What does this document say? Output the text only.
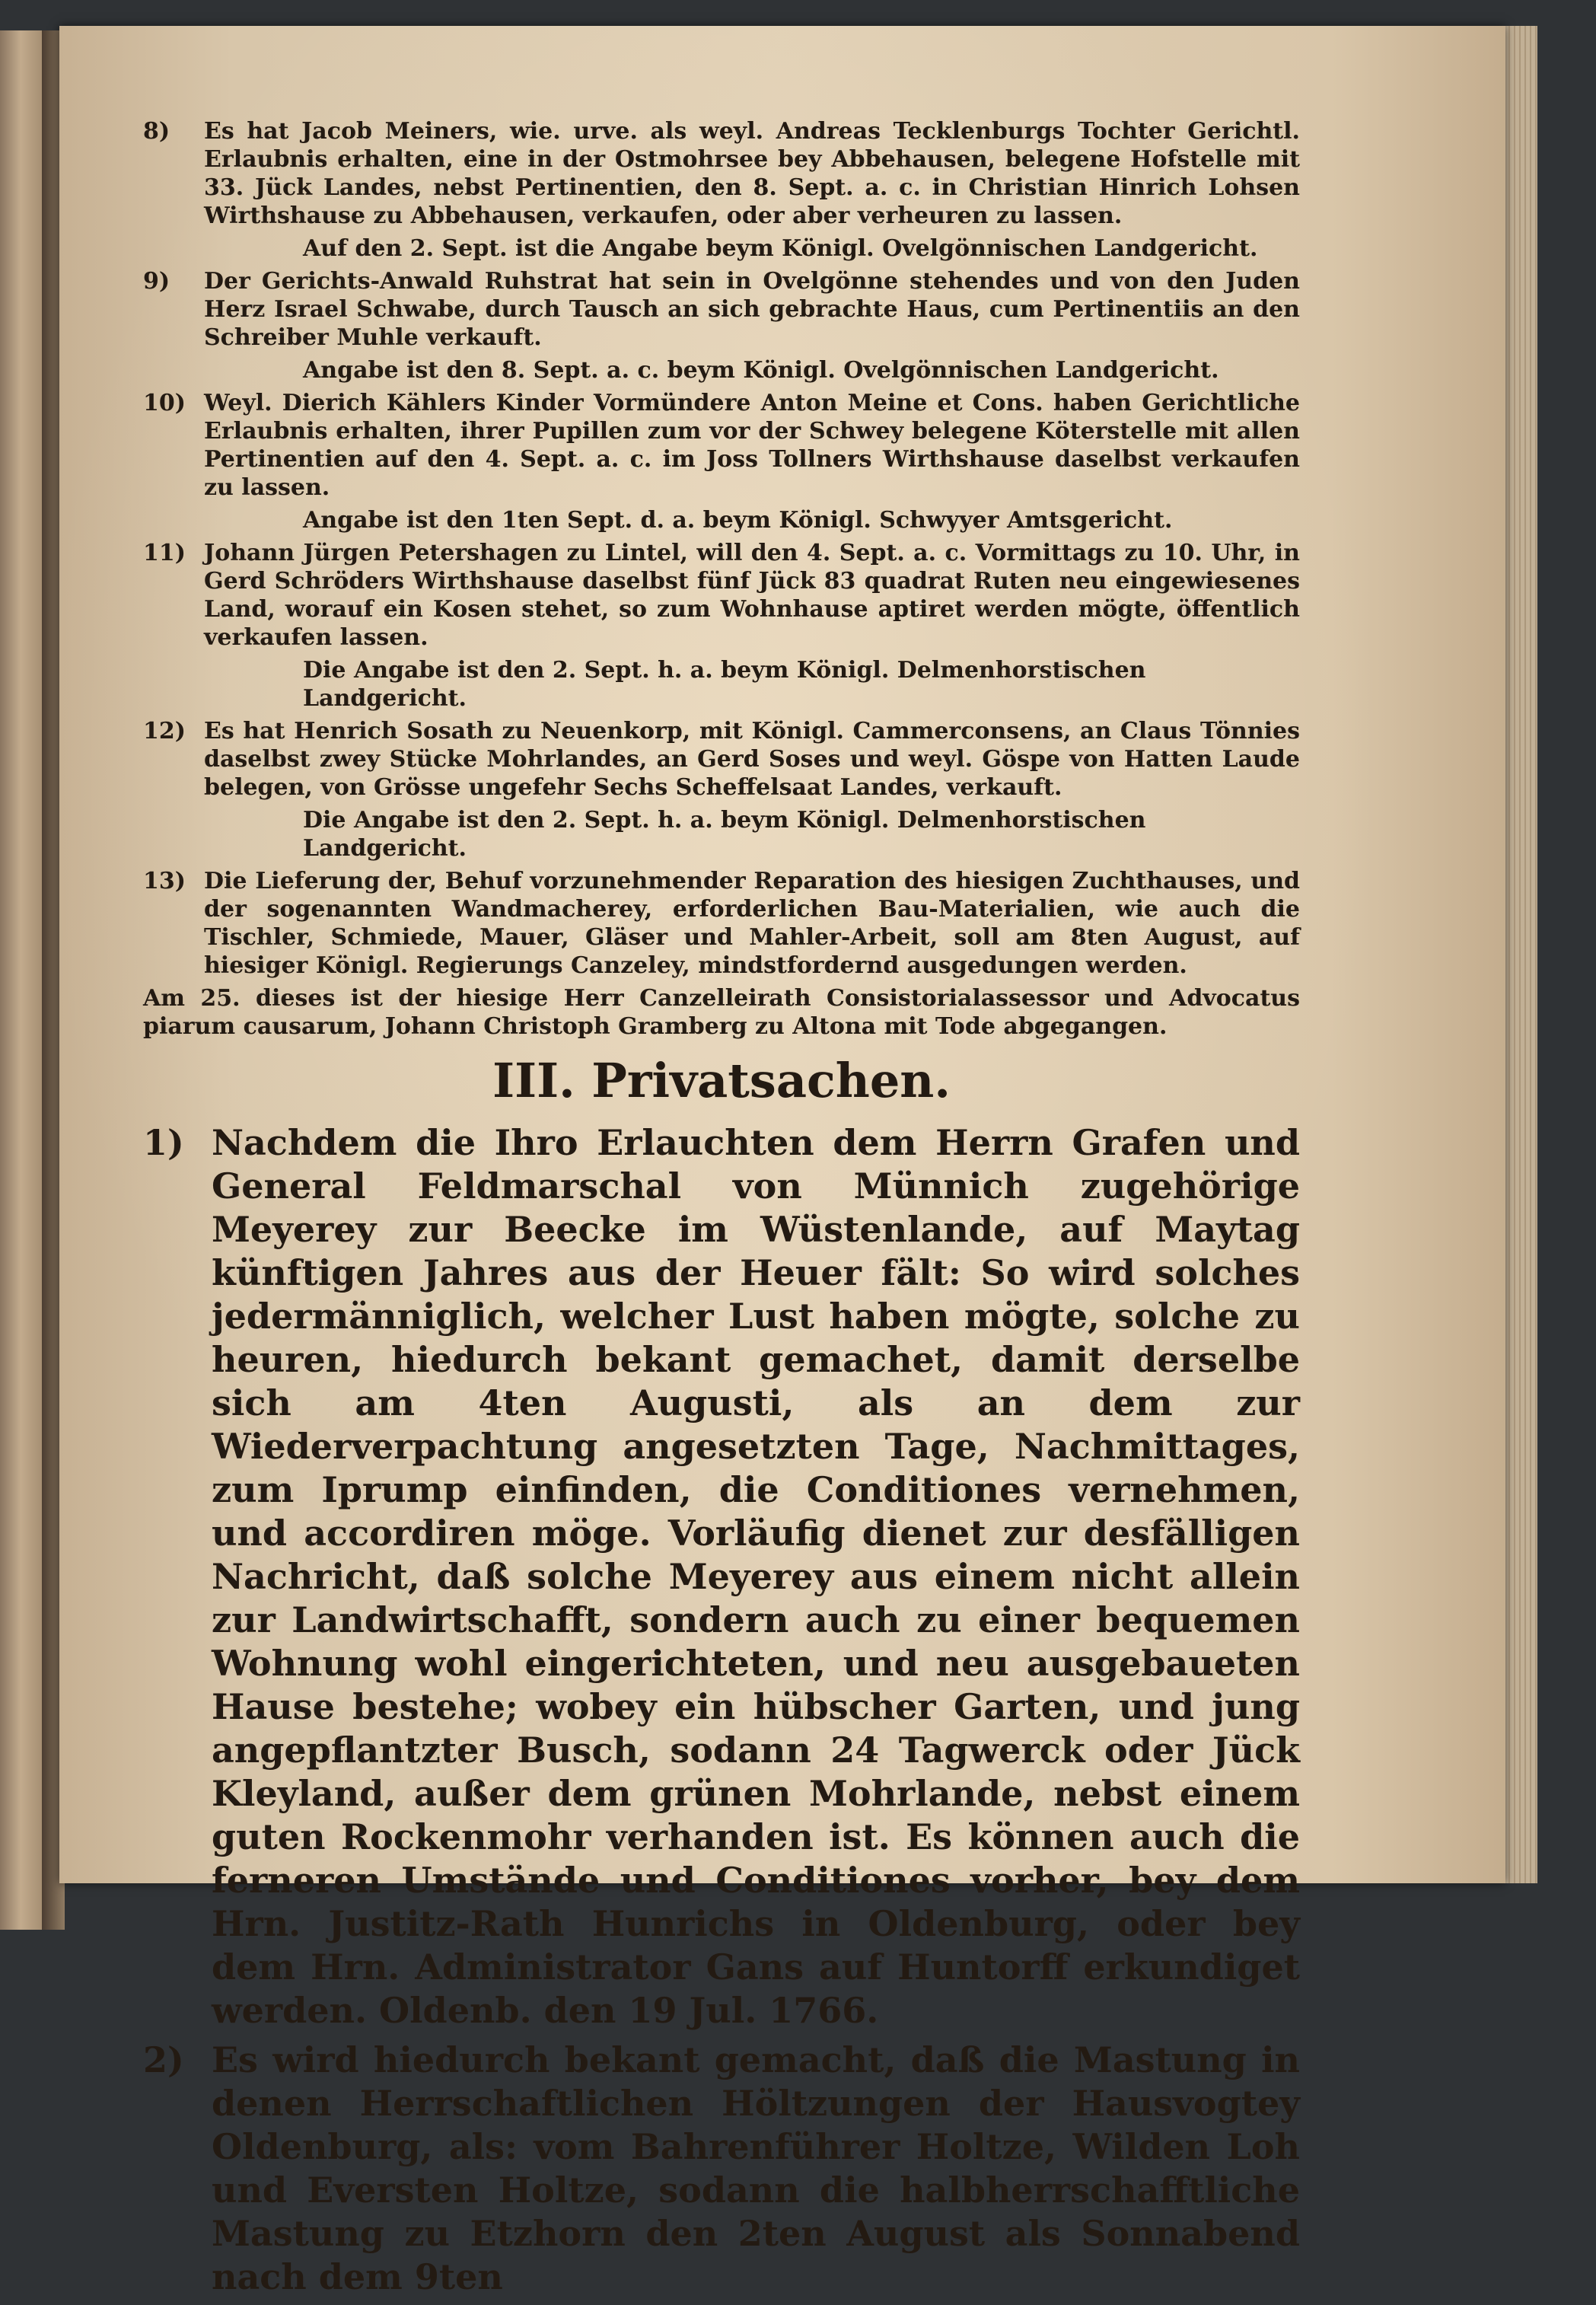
8)	Es hat Jacob Meiners, wie. urve. als weyl. Andreas Tecklenburgs Tochter Gerichtl. Erlaubnis erhalten, eine in der Ostmohrsee bey Abbehausen, belegene Hofstelle mit 33. Jück Landes, nebst Pertinentien, den 8. Sept. a. c. in Christian Hinrich Lohsen Wirthshause zu Abbehausen, verkaufen, oder aber verheuren zu lassen.
Auf den 2. Sept. ist die Angabe beym Königl. Ovelgönnischen Landgericht.
9)	Der Gerichts-Anwald Ruhstrat hat sein in Ovelgönne stehendes und von den Juden Herz Israel Schwabe, durch Tausch an sich gebrachte Haus, cum Pertinentiis an den Schreiber Muhle verkauft.
Angabe ist den 8. Sept. a. c. beym Königl. Ovelgönnischen Landgericht.
10) Weyl. Dierich Kählers Kinder Vormündere Anton Meine et Cons. haben Gerichtliche Erlaubnis erhalten, ihrer Pupillen zum vor der Schwey belegene Köterstelle mit allen Pertinentien auf den 4. Sept. a. c. im Joss Tollners Wirthshause daselbst verkaufen zu lassen.
Angabe ist den 1ten Sept. d. a. beym Königl. Schwyyer Amtsgericht.
11) Johann Jürgen Petershagen zu Lintel, will den 4. Sept. a. c. Vormittags zu 10. Uhr, in Gerd Schröders Wirthshause daselbst fünf Jück 83 quadrat Ruten neu eingewiesenes Land, worauf ein Kosen stehet, so zum Wohnhause aptiret werden mögte, öffentlich verkaufen lassen.
Die Angabe ist den 2. Sept. h. a. beym Königl. Delmenhorstischen Landgericht.
12) Es hat Henrich Sosath zu Neuenkorp, mit Königl. Cammerconsens, an Claus Tönnies daselbst zwey Stücke Mohrlandes, an Gerd Soses und weyl. Göspe von Hatten Laude belegen, von Grösse ungefehr Sechs Scheffelsaat Landes, verkauft.
Die Angabe ist den 2. Sept. h. a. beym Königl. Delmenhorstischen Landgericht.
13) Die Lieferung der, Behuf vorzunehmender Reparation des hiesigen Zuchthauses, und der sogenannten Wandmacherey, erforderlichen Bau-Materialien, wie auch die Tischler, Schmiede, Mauer, Gläser und Mahler-Arbeit, soll am 8ten August, auf hiesiger Königl. Regierungs Canzeley, mindstfordernd ausgedungen werden.
Am 25. dieses ist der hiesige Herr Canzelleirath Consistorialassessor und Advocatus piarum causarum, Johann Christoph Gramberg zu Altona mit Tode abgegangen.
III. Privatsachen.
1) Nachdem die Ihro Erlauchten dem Herrn Grafen und General Feldmarschal von Münnich zugehörige Meyerey zur Beecke im Wüstenlande, auf Maytag künftigen Jahres aus der Heuer fält: So wird solches jedermänniglich, welcher Lust haben mögte, solche zu heuren, hiedurch bekant gemachet, damit derselbe sich am 4ten Augusti, als an dem zur Wiederverpachtung angesetzten Tage, Nachmittages, zum Iprump einfinden, die Conditiones vernehmen, und accordiren möge. Vorläufig dienet zur desfälligen Nachricht, daß solche Meyerey aus einem nicht allein zur Landwirtschafft, sondern auch zu einer bequemen Wohnung wohl eingerichteten, und neu ausgebaueten Hause bestehe; wobey ein hübscher Garten, und jung angepflantzter Busch, sodann 24 Tagwerck oder Jück Kleyland, außer dem grünen Mohrlande, nebst einem guten Rockenmohr verhanden ist. Es können auch die ferneren Umstände und Conditiones vorher, bey dem Hrn. Justitz-Rath Hunrichs in Oldenburg, oder bey dem Hrn. Administrator Gans auf Huntorff erkundiget werden. Oldenb. den 19 Jul. 1766.
2) Es wird hiedurch bekant gemacht, daß die Mastung in denen Herrschaftlichen Höltzungen der Hausvogtey Oldenburg, als: vom Bahrenführer Holtze, Wilden Loh und Eversten Holtze, sodann die halbherrschafftliche Mastung zu Etzhorn den 2ten August als Sonnabend nach dem 9ten
